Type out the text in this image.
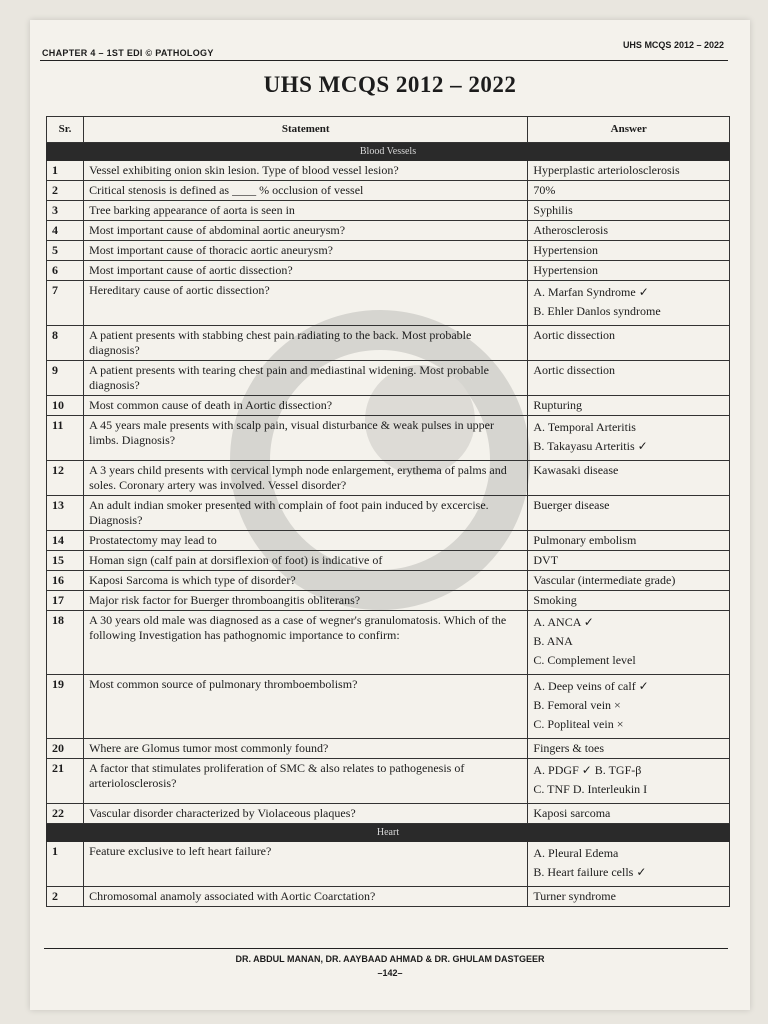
CHAPTER 4 – 1ST EDI © PATHOLOGY
UHS MCQS 2012 – 2022
UHS MCQS 2012 – 2022
Sr.	Statement	Answer
Blood Vessels		
1	Vessel exhibiting onion skin lesion. Type of blood vessel lesion?	Hyperplastic arteriolosclerosis
2	Critical stenosis is defined as ____ % occlusion of vessel	70%
3	Tree barking appearance of aorta is seen in	Syphilis
4	Most important cause of abdominal aortic aneurysm?	Atherosclerosis
5	Most important cause of thoracic aortic aneurysm?	Hypertension
6	Most important cause of aortic dissection?	Hypertension
7	Hereditary cause of aortic dissection?	A. Marfan Syndrome ✓
B. Ehler Danlos syndrome

8	A patient presents with stabbing chest pain radiating to the back. Most probable diagnosis?	Aortic dissection
9	A patient presents with tearing chest pain and mediastinal widening. Most probable diagnosis?	Aortic dissection
10	Most common cause of death in Aortic dissection?	Rupturing
11	A 45 years male presents with scalp pain, visual disturbance & weak pulses in upper limbs. Diagnosis?	A. Temporal Arteritis
B. Takayasu Arteritis ✓

12	A 3 years child presents with cervical lymph node enlargement, erythema of palms and soles. Coronary artery was involved. Vessel disorder?	Kawasaki disease
13	An adult indian smoker presented with complain of foot pain induced by excercise. Diagnosis?	Buerger disease
14	Prostatectomy may lead to	Pulmonary embolism
15	Homan sign (calf pain at dorsiflexion of foot) is indicative of	DVT
16	Kaposi Sarcoma is which type of disorder?	Vascular (intermediate grade)
17	Major risk factor for Buerger thromboangitis obliterans?	Smoking
18	A 30 years old male was diagnosed as a case of wegner's granulomatosis. Which of the following Investigation has pathognomic importance to confirm:	A. ANCA ✓
B. ANA
C. Complement level

19	Most common source of pulmonary thromboembolism?	A. Deep veins of calf ✓
B. Femoral vein ×
C. Popliteal vein ×

20	Where are Glomus tumor most commonly found?	Fingers & toes
21	A factor that stimulates proliferation of SMC & also relates to pathogenesis of arteriolosclerosis?	A. PDGF ✓ B. TGF-β
C. TNF D. Interleukin I

22	Vascular disorder characterized by Violaceous plaques?	Kaposi sarcoma
Heart		
1	Feature exclusive to left heart failure?	A. Pleural Edema
B. Heart failure cells ✓

2	Chromosomal anamoly associated with Aortic Coarctation?	Turner syndrome
DR. ABDUL MANAN, DR. AAYBAAD AHMAD & DR. GHULAM DASTGEER
–142–
